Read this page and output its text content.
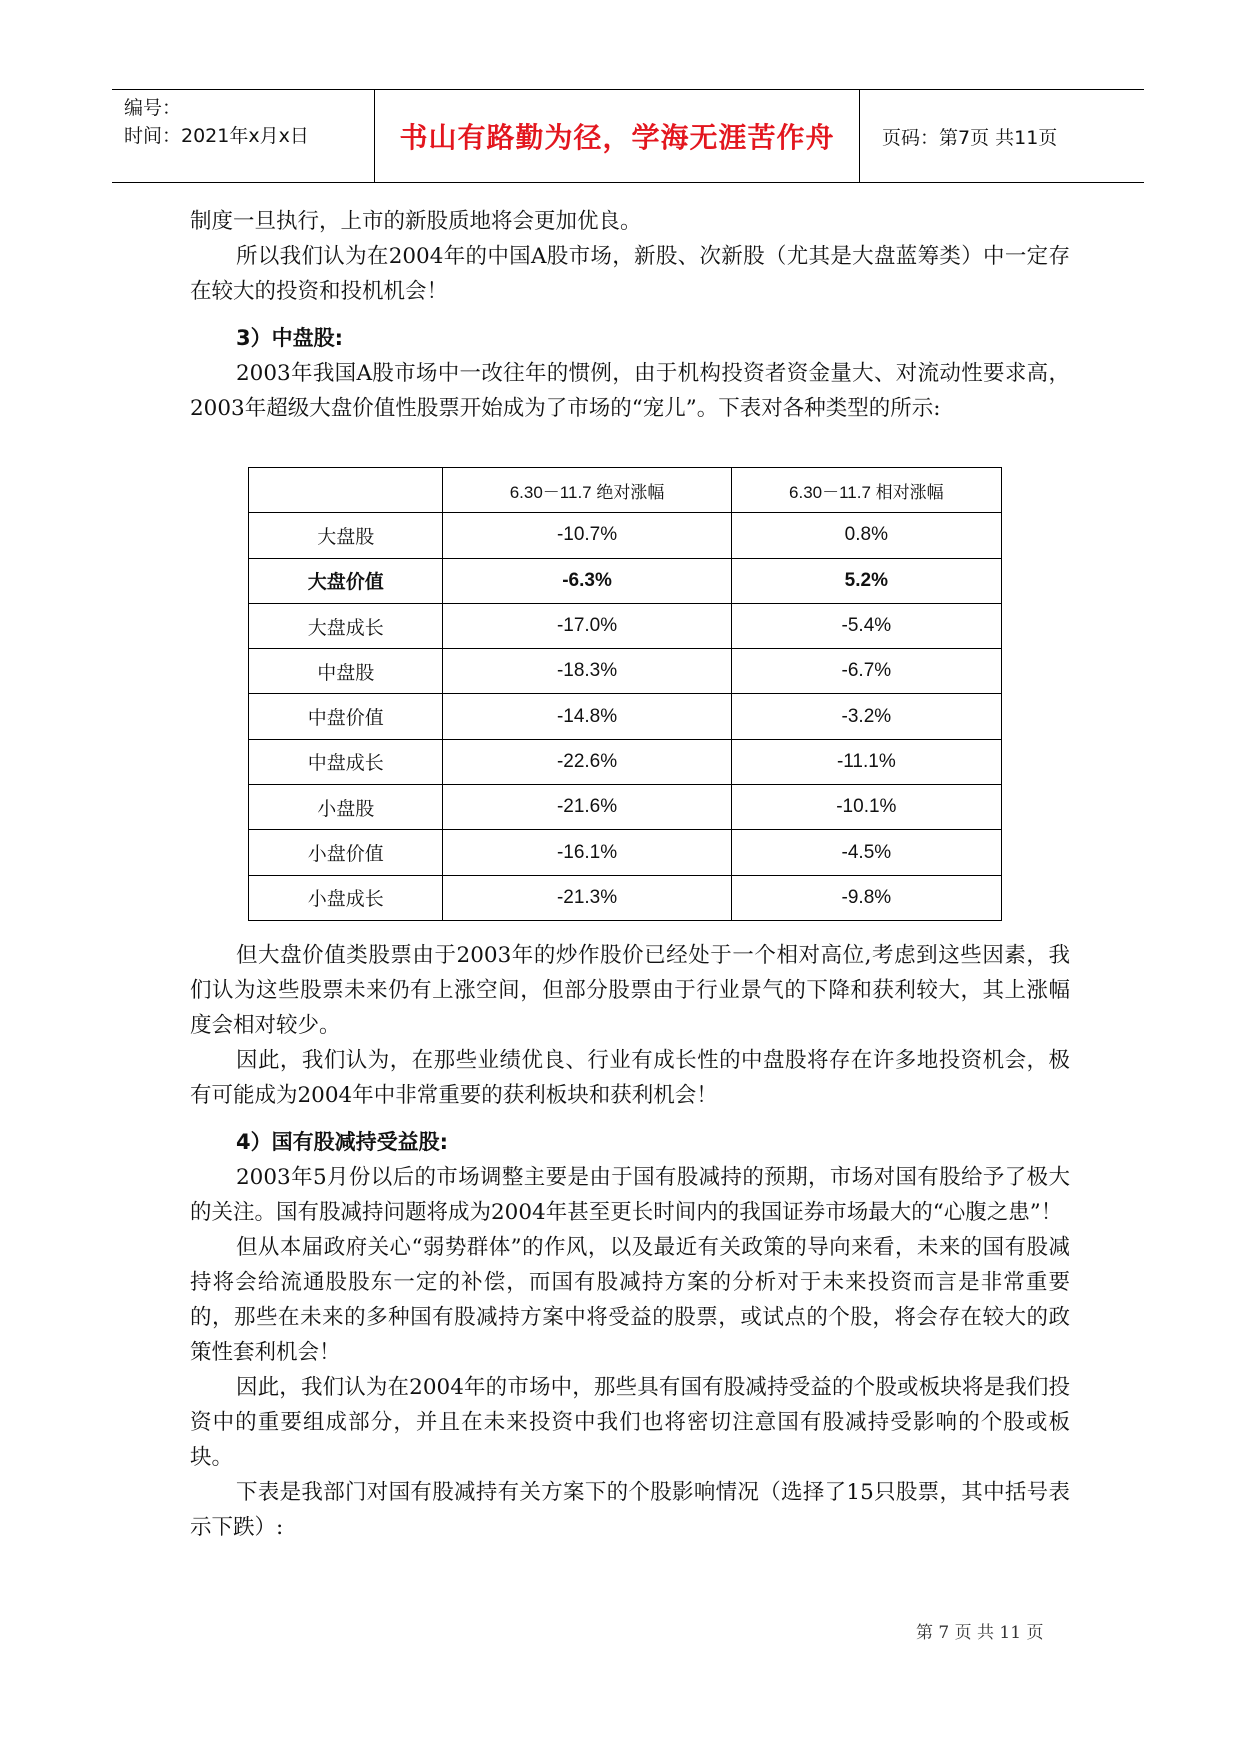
编号：
时间：2021年x月x日	书山有路勤为径，学海无涯苦作舟	页码：第7页 共11页

制度一旦执行，上市的新股质地将会更加优良。

所以我们认为在2004年的中国A股市场，新股、次新股（尤其是大盘蓝筹类）中一定存在较大的投资和投机机会！

3）中盘股:

2003年我国A股市场中一改往年的惯例，由于机构投资者资金量大、对流动性要求高，2003年超级大盘价值性股票开始成为了市场的“宠儿”。下表对各种类型的所示:

	6.30－11.7 绝对涨幅	6.30－11.7 相对涨幅
大盘股	-10.7%	0.8%
大盘价值	-6.3%	5.2%
大盘成长	-17.0%	-5.4%
中盘股	-18.3%	-6.7%
中盘价值	-14.8%	-3.2%
中盘成长	-22.6%	-11.1%
小盘股	-21.6%	-10.1%
小盘价值	-16.1%	-4.5%
小盘成长	-21.3%	-9.8%

但大盘价值类股票由于2003年的炒作股价已经处于一个相对高位,考虑到这些因素，我们认为这些股票未来仍有上涨空间，但部分股票由于行业景气的下降和获利较大，其上涨幅度会相对较少。

因此，我们认为，在那些业绩优良、行业有成长性的中盘股将存在许多地投资机会，极有可能成为2004年中非常重要的获利板块和获利机会！

4）国有股减持受益股:

2003年5月份以后的市场调整主要是由于国有股减持的预期，市场对国有股给予了极大的关注。国有股减持问题将成为2004年甚至更长时间内的我国证券市场最大的“心腹之患”！

但从本届政府关心“弱势群体”的作风，以及最近有关政策的导向来看，未来的国有股减持将会给流通股股东一定的补偿，而国有股减持方案的分析对于未来投资而言是非常重要的，那些在未来的多种国有股减持方案中将受益的股票，或试点的个股，将会存在较大的政策性套利机会！

因此，我们认为在2004年的市场中，那些具有国有股减持受益的个股或板块将是我们投资中的重要组成部分，并且在未来投资中我们也将密切注意国有股减持受影响的个股或板块。

下表是我部门对国有股减持有关方案下的个股影响情况（选择了15只股票，其中括号表示下跌）:

第 7 页 共 11 页
